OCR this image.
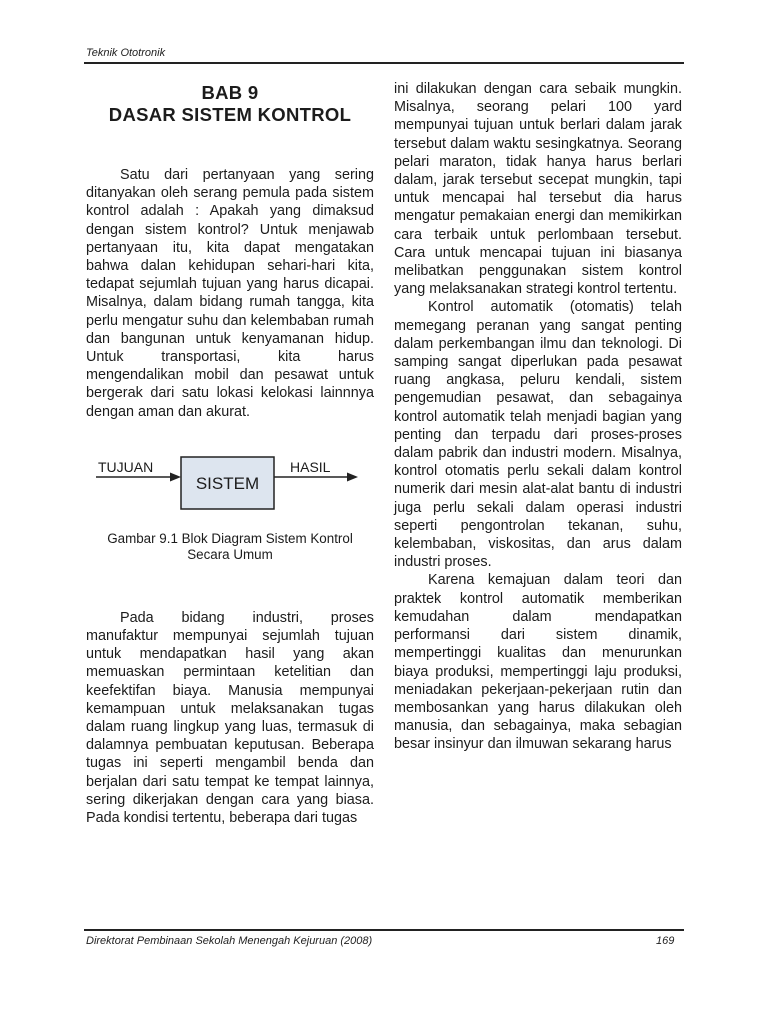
Teknik Ototronik
BAB 9
DASAR SISTEM KONTROL

Satu dari pertanyaan yang sering ditanyakan oleh serang pemula pada sistem kontrol adalah : Apakah yang dimaksud dengan sistem kontrol? Untuk menjawab pertanyaan itu, kita dapat mengatakan bahwa dalan kehidupan sehari-hari kita, tedapat sejumlah tujuan yang harus dicapai. Misalnya, dalam bidang rumah tangga, kita perlu mengatur suhu dan kelembaban rumah dan bangunan untuk kenyamanan hidup. Untuk transportasi, kita harus mengendalikan mobil dan pesawat untuk bergerak dari satu lokasi kelokasi lainnnya dengan aman dan akurat.

TUJUAN
SISTEM
HASIL
Gambar 9.1 Blok Diagram Sistem Kontrol
Secara Umum

Pada bidang industri, proses manufaktur mempunyai sejumlah tujuan untuk mendapatkan hasil yang akan memuaskan permintaan ketelitian dan keefektifan biaya. Manusia mempunyai kemampuan untuk melaksanakan tugas dalam ruang lingkup yang luas, termasuk di dalamnya pembuatan keputusan. Beberapa tugas ini seperti mengambil benda dan berjalan dari satu tempat ke tempat lainnya, sering dikerjakan dengan cara yang biasa. Pada kondisi tertentu, beberapa dari tugas

ini dilakukan dengan cara sebaik mungkin. Misalnya, seorang pelari 100 yard mempunyai tujuan untuk berlari dalam jarak tersebut dalam waktu sesingkatnya. Seorang pelari maraton, tidak hanya harus berlari dalam, jarak tersebut secepat mungkin, tapi untuk mencapai hal tersebut dia harus mengatur pemakaian energi dan memikirkan cara terbaik untuk perlombaan tersebut. Cara untuk mencapai tujuan ini biasanya melibatkan penggunakan sistem kontrol yang melaksanakan strategi kontrol tertentu.

Kontrol automatik (otomatis) telah memegang peranan yang sangat penting dalam perkembangan ilmu dan teknologi. Di samping sangat diperlukan pada pesawat ruang angkasa, peluru kendali, sistem pengemudian pesawat, dan sebagainya kontrol automatik telah menjadi bagian yang penting dan terpadu dari proses-proses dalam pabrik dan industri modern. Misalnya, kontrol otomatis perlu sekali dalam kontrol numerik dari mesin alat-alat bantu di industri juga perlu sekali dalam operasi industri seperti pengontrolan tekanan, suhu, kelembaban, viskositas, dan arus dalam industri proses.

Karena kemajuan dalam teori dan praktek kontrol automatik memberikan kemudahan dalam mendapatkan performansi dari sistem dinamik, mempertinggi kualitas dan menurunkan biaya produksi, mempertinggi laju produksi, meniadakan pekerjaan-pekerjaan rutin dan membosankan yang harus dilakukan oleh manusia, dan sebagainya, maka sebagian besar insinyur dan ilmuwan sekarang harus

Direktorat Pembinaan Sekolah Menengah Kejuruan (2008)	169
